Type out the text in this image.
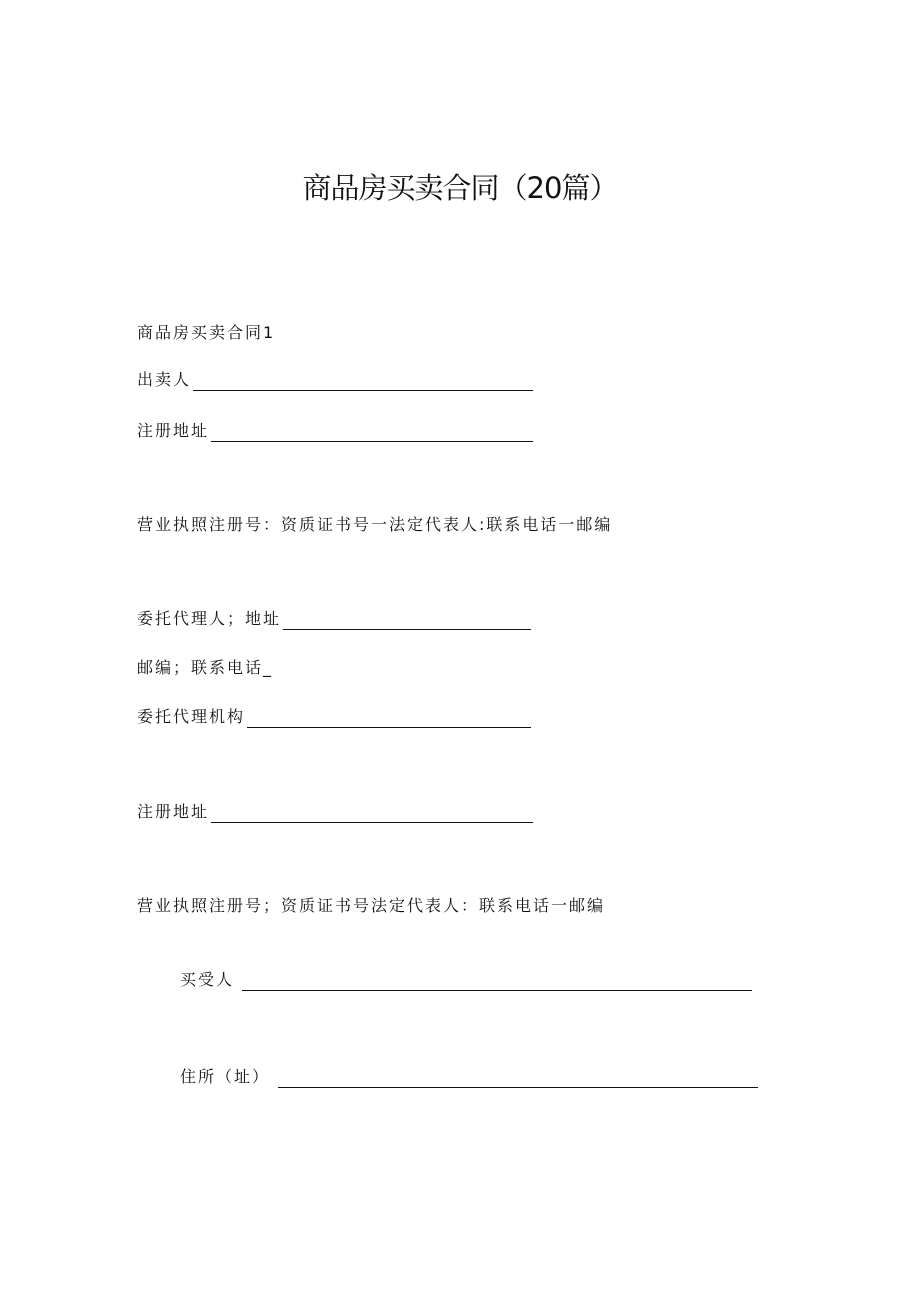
商品房买卖合同（20篇）
商品房买卖合同1
出卖人
注册地址
营业执照注册号：资质证书号一法定代表人:联系电话一邮编
委托代理人；地址
邮编；联系电话_
委托代理机构
注册地址
营业执照注册号；资质证书号法定代表人：联系电话一邮编
买受人
住所（址）
